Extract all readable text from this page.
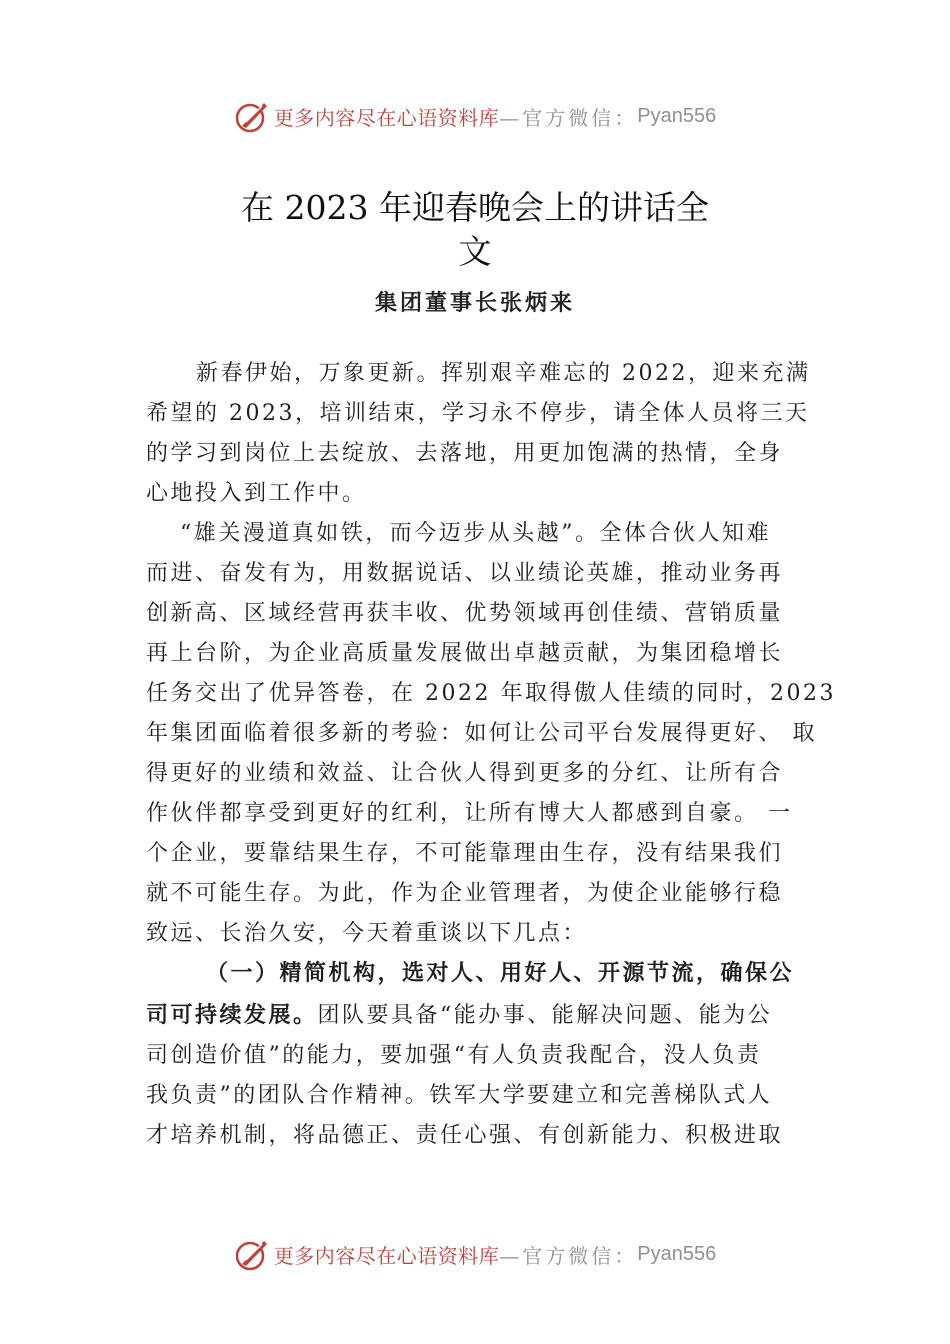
更多内容尽在心语资料库 —官方微信： Pyan556
在 2023 年迎春晚会上的讲话全
文
集团董事长张炳来
新春伊始，万象更新。挥别艰辛难忘的 2022，迎来充满
希望的 2023，培训结束，学习永不停步，请全体人员将三天
的学习到岗位上去绽放、去落地，用更加饱满的热情，全身
心地投入到工作中。
“雄关漫道真如铁，而今迈步从头越”。全体合伙人知难
而进、奋发有为，用数据说话、以业绩论英雄，推动业务再
创新高、区域经营再获丰收、优势领域再创佳绩、营销质量
再上台阶，为企业高质量发展做出卓越贡献，为集团稳增长
任务交出了优异答卷，在 2022 年取得傲人佳绩的同时，2023
年集团面临着很多新的考验：如何让公司平台发展得更好、 取
得更好的业绩和效益、让合伙人得到更多的分红、让所有合
作伙伴都享受到更好的红利，让所有博大人都感到自豪。 一
个企业，要靠结果生存，不可能靠理由生存，没有结果我们
就不可能生存。为此，作为企业管理者，为使企业能够行稳
致远、长治久安，今天着重谈以下几点：
（一）精简机构，选对人、用好人、开源节流，确保公
司可持续发展。团队要具备“能办事、能解决问题、能为公
司创造价值”的能力，要加强“有人负责我配合，没人负责
我负责”的团队合作精神。铁军大学要建立和完善梯队式人
才培养机制，将品德正、责任心强、有创新能力、积极进取
更多内容尽在心语资料库 —官方微信： Pyan556
